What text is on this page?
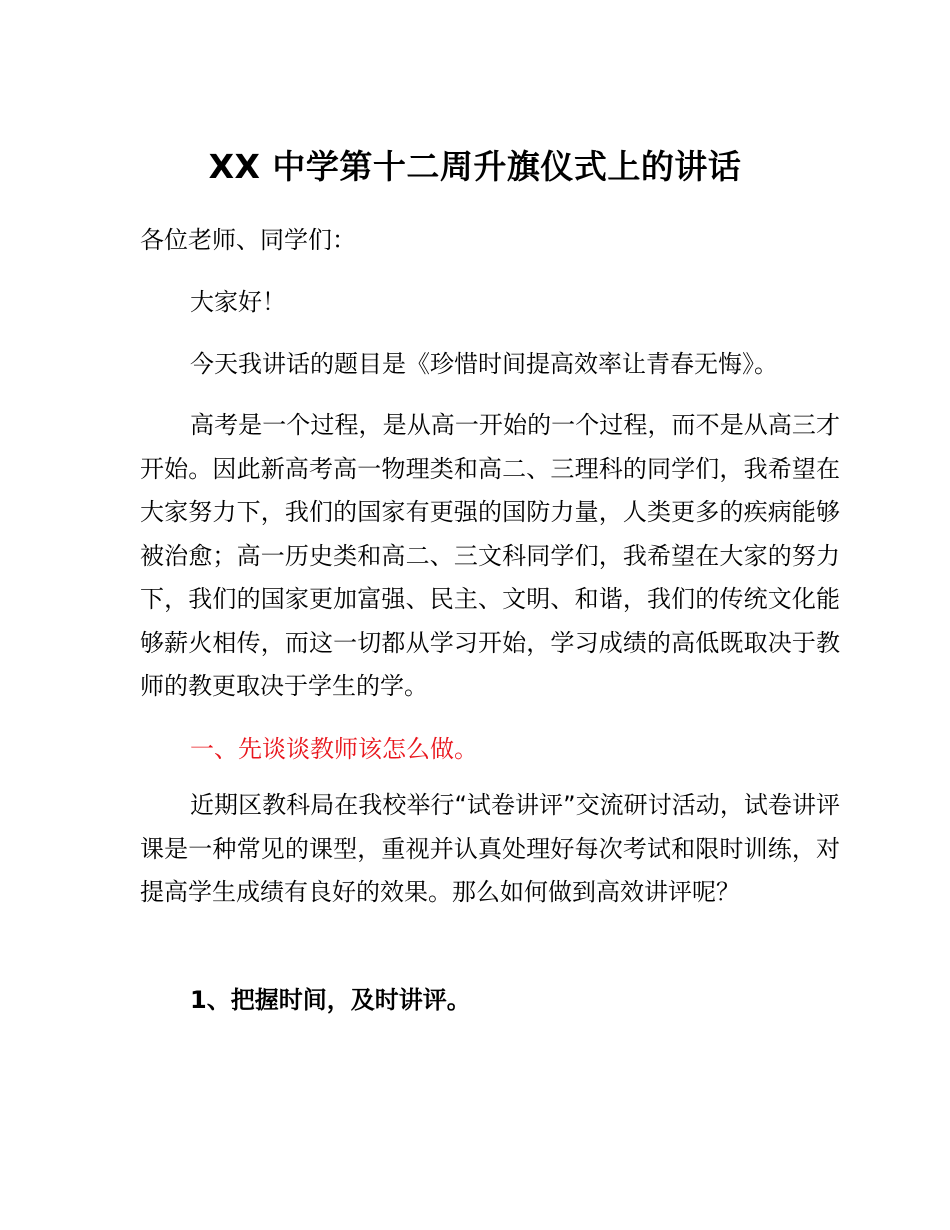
XX 中学第十二周升旗仪式上的讲话

各位老师、同学们：

大家好！

今天我讲话的题目是《珍惜时间提高效率让青春无悔》。

高考是一个过程，是从高一开始的一个过程，而不是从高三才开始。因此新高考高一物理类和高二、三理科的同学们，我希望在大家努力下，我们的国家有更强的国防力量，人类更多的疾病能够被治愈；高一历史类和高二、三文科同学们，我希望在大家的努力下，我们的国家更加富强、民主、文明、和谐，我们的传统文化能够薪火相传，而这一切都从学习开始，学习成绩的高低既取决于教师的教更取决于学生的学。

一、先谈谈教师该怎么做。

近期区教科局在我校举行“试卷讲评”交流研讨活动，试卷讲评课是一种常见的课型，重视并认真处理好每次考试和限时训练，对提高学生成绩有良好的效果。那么如何做到高效讲评呢？

1、把握时间，及时讲评。
